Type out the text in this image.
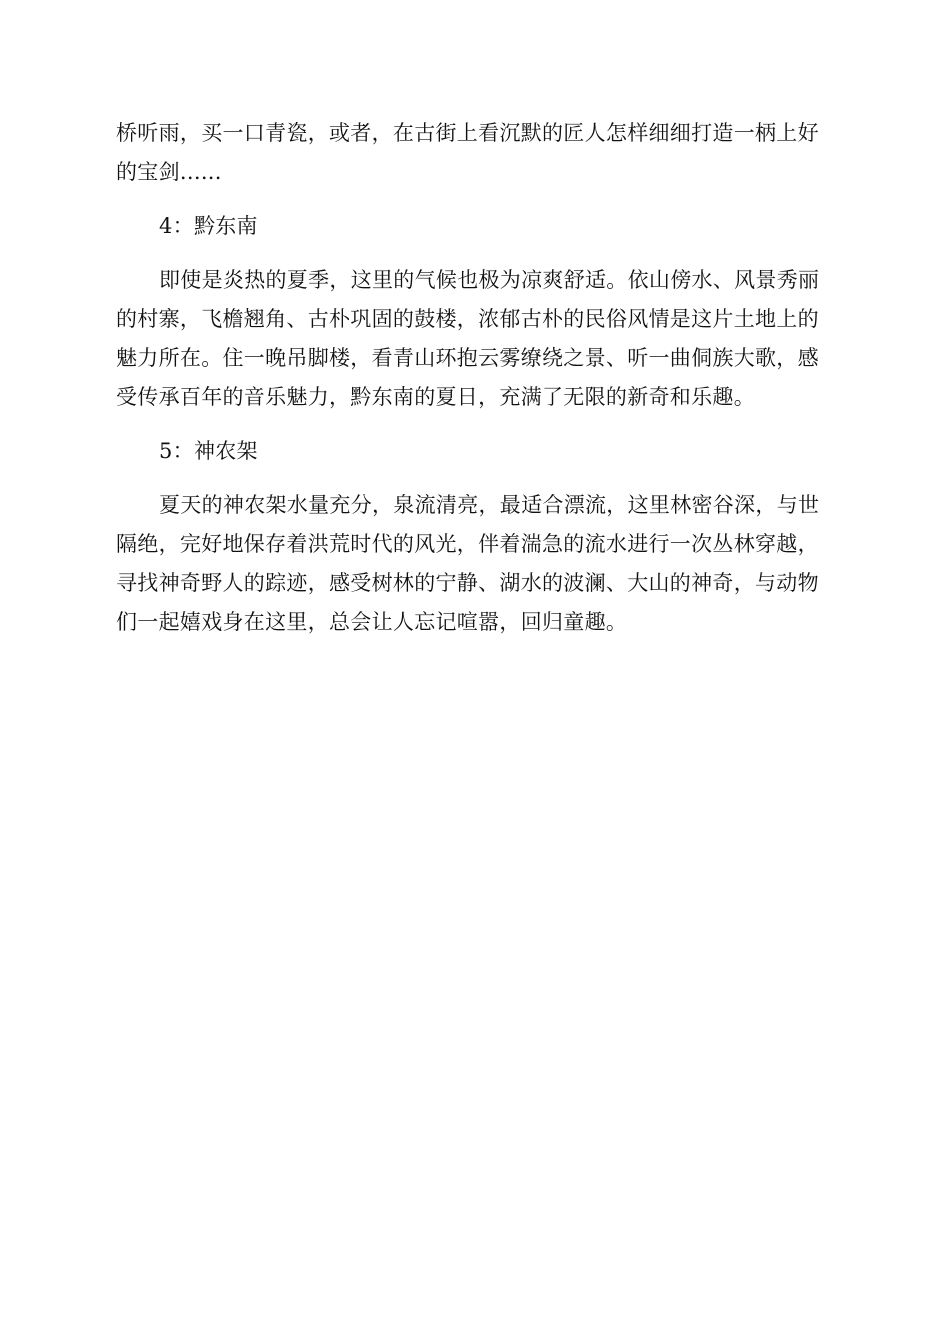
桥听雨，买一口青瓷，或者，在古街上看沉默的匠人怎样细细打造一柄上好的宝剑......

4：黔东南

即使是炎热的夏季，这里的气候也极为凉爽舒适。依山傍水、风景秀丽的村寨，飞檐翘角、古朴巩固的鼓楼，浓郁古朴的民俗风情是这片土地上的魅力所在。住一晚吊脚楼，看青山环抱云雾缭绕之景、听一曲侗族大歌，感受传承百年的音乐魅力，黔东南的夏日，充满了无限的新奇和乐趣。

5：神农架

夏天的神农架水量充分，泉流清亮，最适合漂流，这里林密谷深，与世隔绝，完好地保存着洪荒时代的风光，伴着湍急的流水进行一次丛林穿越，寻找神奇野人的踪迹，感受树林的宁静、湖水的波澜、大山的神奇，与动物们一起嬉戏身在这里，总会让人忘记喧嚣，回归童趣。
